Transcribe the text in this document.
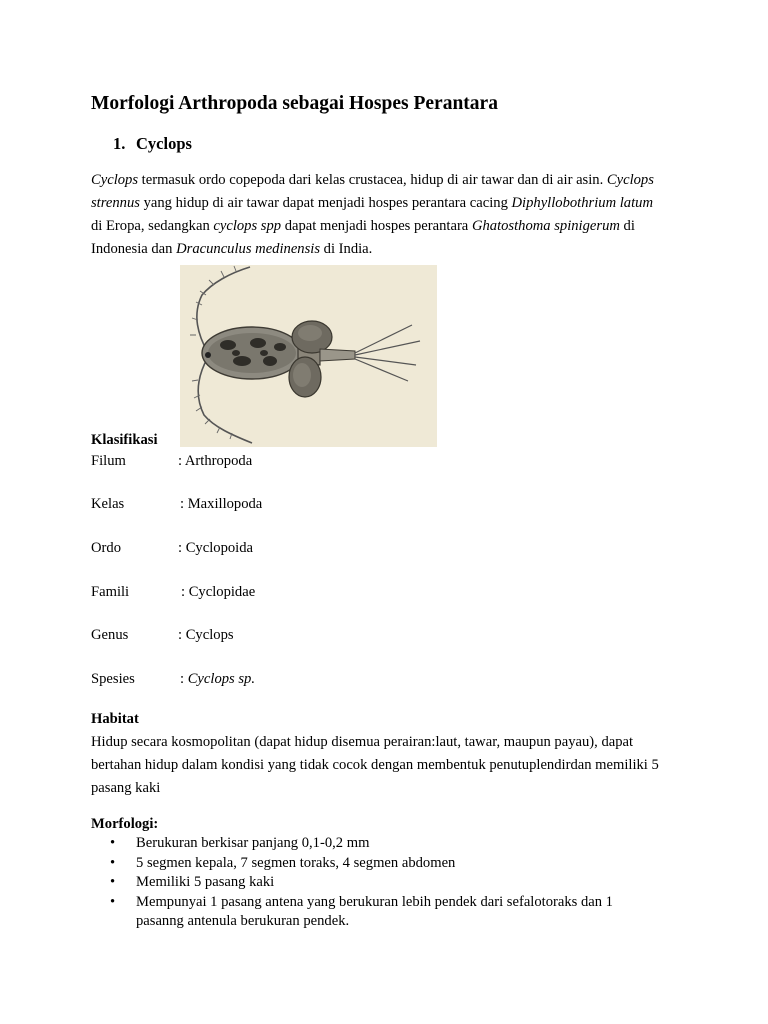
Morfologi Arthropoda sebagai Hospes Perantara
1. Cyclops
Cyclops termasuk ordo copepoda dari kelas crustacea, hidup di air tawar dan di air asin. Cyclops
strennus yang hidup di air tawar dapat menjadi hospes perantara cacing Diphyllobothrium latum
di Eropa, sedangkan cyclops spp dapat menjadi hospes perantara Ghatosthoma spinigerum di
Indonesia dan Dracunculus medinensis di India.
Klasifikasi
Filum	: Arthropoda
Kelas	: Maxillopoda
Ordo	: Cyclopoida
Famili	: Cyclopidae
Genus	: Cyclops
Spesies	: Cyclops sp.
Habitat
Hidup secara kosmopolitan (dapat hidup disemua perairan:laut, tawar, maupun payau), dapat
bertahan hidup dalam kondisi yang tidak cocok dengan membentuk penutuplendirdan memiliki 5
pasang kaki
Morfologi:
• Berukuran berkisar panjang 0,1-0,2 mm
• 5 segmen kepala, 7 segmen toraks, 4 segmen abdomen
• Memiliki 5 pasang kaki
• Mempunyai 1 pasang antena yang berukuran lebih pendek dari sefalotoraks dan 1
pasanng antenula berukuran pendek.
